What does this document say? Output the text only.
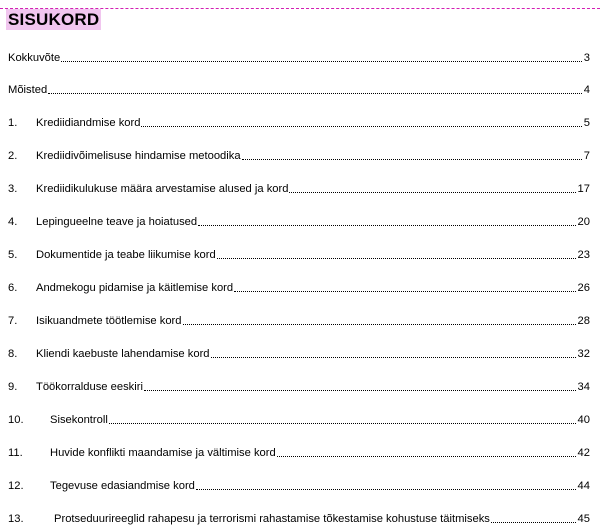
SISUKORD
Kokkuvõte	3
Mõisted	4
1.	Krediidiandmise kord	5
2.	Krediidivõimelisuse hindamise metoodika	7
3.	Krediidikulukuse määra arvestamise alused ja kord	17
4.	Lepingueelne teave ja hoiatused	20
5.	Dokumentide ja teabe liikumise kord	23
6.	Andmekogu pidamise ja käitlemise kord	26
7.	Isikuandmete töötlemise kord	28
8.	Kliendi kaebuste lahendamise kord	32
9.	Töökorralduse eeskiri	34
10.	Sisekontroll	40
11.	Huvide konflikti maandamise ja vältimise kord	42
12.	Tegevuse edasiandmise kord	44
13.	Protseduurireeglid rahapesu ja terrorismi rahastamise tõkestamise kohustuse täitmiseks	45
